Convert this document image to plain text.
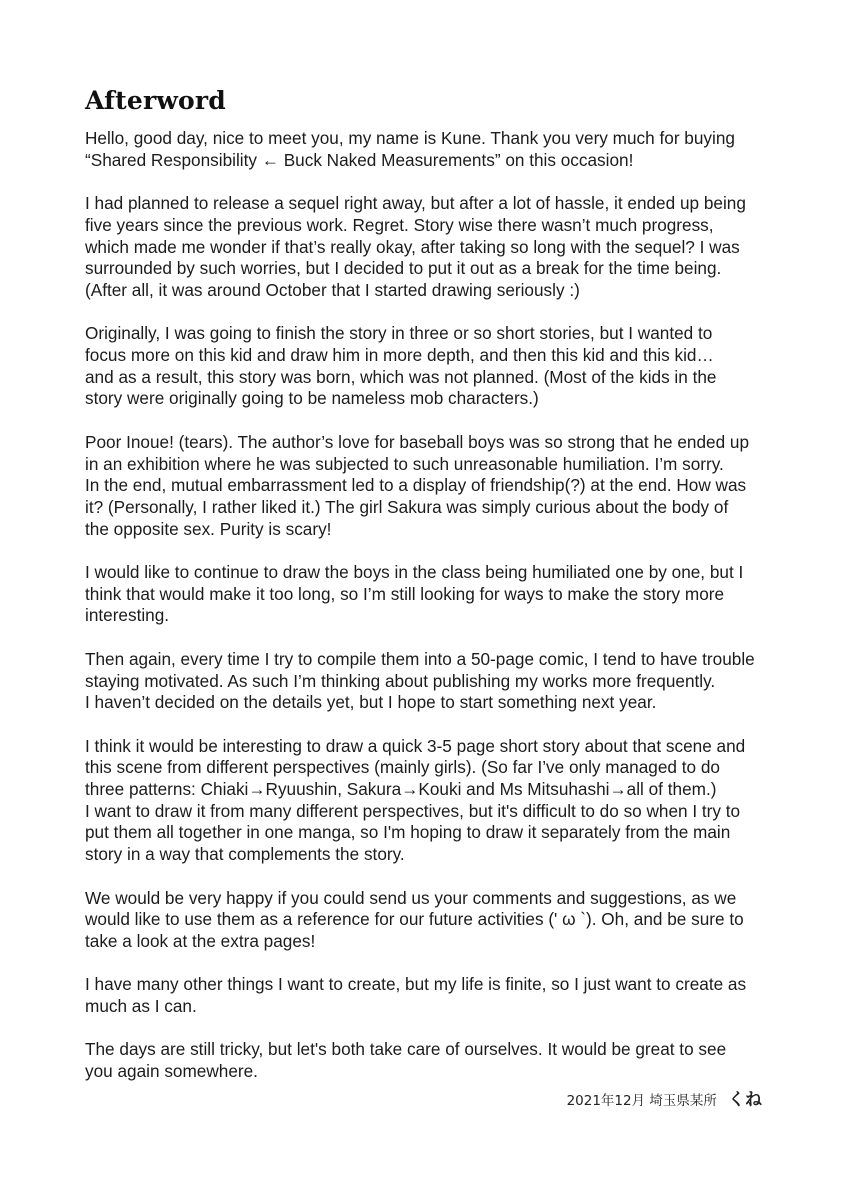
Afterword

Hello, good day, nice to meet you, my name is Kune. Thank you very much for buying
“Shared Responsibility ← Buck Naked Measurements” on this occasion!

I had planned to release a sequel right away, but after a lot of hassle, it ended up being
five years since the previous work. Regret. Story wise there wasn’t much progress,
which made me wonder if that’s really okay, after taking so long with the sequel? I was
surrounded by such worries, but I decided to put it out as a break for the time being.
(After all, it was around October that I started drawing seriously :)

Originally, I was going to finish the story in three or so short stories, but I wanted to
focus more on this kid and draw him in more depth, and then this kid and this kid…
and as a result, this story was born, which was not planned. (Most of the kids in the
story were originally going to be nameless mob characters.)

Poor Inoue! (tears). The author’s love for baseball boys was so strong that he ended up
in an exhibition where he was subjected to such unreasonable humiliation. I’m sorry.
In the end, mutual embarrassment led to a display of friendship(?) at the end. How was
it? (Personally, I rather liked it.) The girl Sakura was simply curious about the body of
the opposite sex. Purity is scary!

I would like to continue to draw the boys in the class being humiliated one by one, but I
think that would make it too long, so I’m still looking for ways to make the story more
interesting.

Then again, every time I try to compile them into a 50-page comic, I tend to have trouble
staying motivated. As such I’m thinking about publishing my works more frequently.
I haven’t decided on the details yet, but I hope to start something next year.

I think it would be interesting to draw a quick 3-5 page short story about that scene and
this scene from different perspectives (mainly girls). (So far I’ve only managed to do
three patterns: Chiaki→Ryuushin, Sakura→Kouki and Ms Mitsuhashi→all of them.)
I want to draw it from many different perspectives, but it's difficult to do so when I try to
put them all together in one manga, so I'm hoping to draw it separately from the main
story in a way that complements the story.

We would be very happy if you could send us your comments and suggestions, as we
would like to use them as a reference for our future activities (' ω `). Oh, and be sure to
take a look at the extra pages!

I have many other things I want to create, but my life is finite, so I just want to create as
much as I can.

The days are still tricky, but let's both take care of ourselves. It would be great to see
you again somewhere.

2021年12月 埼玉県某所 くね
